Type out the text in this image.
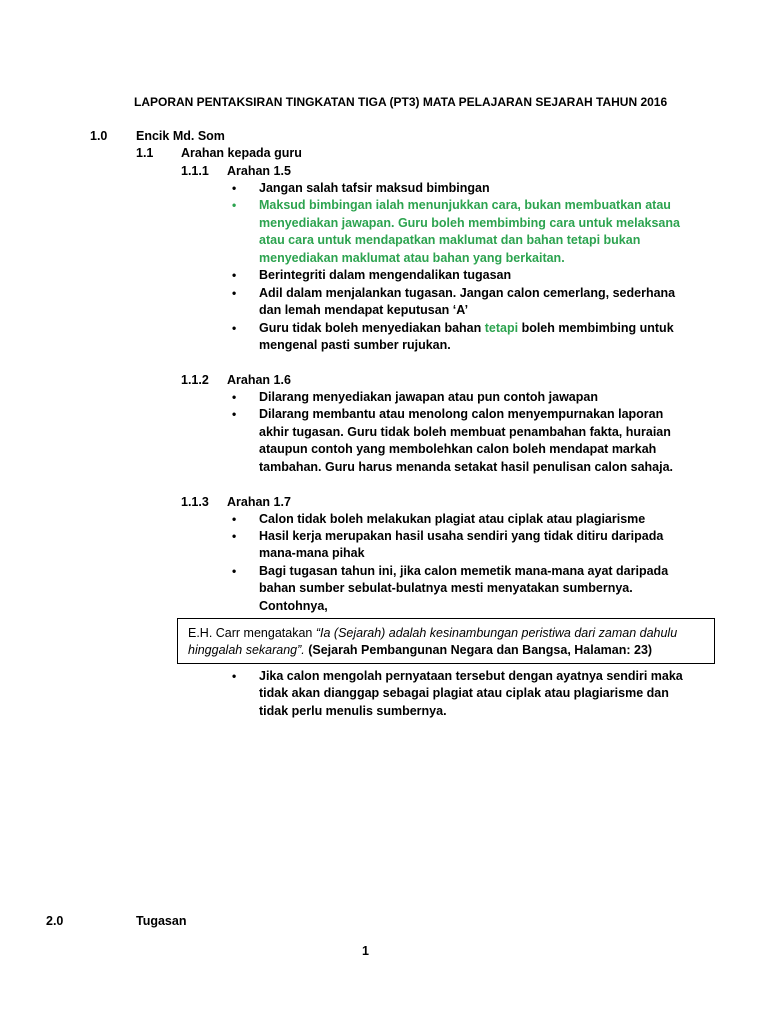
LAPORAN PENTAKSIRAN TINGKATAN TIGA (PT3) MATA PELAJARAN SEJARAH TAHUN 2016
1.0 Encik Md. Som
1.1 Arahan kepada guru
1.1.1 Arahan 1.5
• Jangan salah tafsir maksud bimbingan
• Maksud bimbingan ialah menunjukkan cara, bukan membuatkan atau
menyediakan jawapan. Guru boleh membimbing cara untuk melaksana
atau cara untuk mendapatkan maklumat dan bahan tetapi bukan
menyediakan maklumat atau bahan yang berkaitan.
• Berintegriti dalam mengendalikan tugasan
• Adil dalam menjalankan tugasan. Jangan calon cemerlang, sederhana
dan lemah mendapat keputusan ‘A’
• Guru tidak boleh menyediakan bahan tetapi boleh membimbing untuk
mengenal pasti sumber rujukan.
1.1.2 Arahan 1.6
• Dilarang menyediakan jawapan atau pun contoh jawapan
• Dilarang membantu atau menolong calon menyempurnakan laporan
akhir tugasan. Guru tidak boleh membuat penambahan fakta, huraian
ataupun contoh yang membolehkan calon boleh mendapat markah
tambahan. Guru harus menanda setakat hasil penulisan calon sahaja.
1.1.3 Arahan 1.7
• Calon tidak boleh melakukan plagiat atau ciplak atau plagiarisme
• Hasil kerja merupakan hasil usaha sendiri yang tidak ditiru daripada
mana-mana pihak
• Bagi tugasan tahun ini, jika calon memetik mana-mana ayat daripada
bahan sumber sebulat-bulatnya mesti menyatakan sumbernya.
Contohnya,
E.H. Carr mengatakan “Ia (Sejarah) adalah kesinambungan peristiwa dari zaman dahulu
hinggalah sekarang”. (Sejarah Pembangunan Negara dan Bangsa, Halaman: 23)
• Jika calon mengolah pernyataan tersebut dengan ayatnya sendiri maka
tidak akan dianggap sebagai plagiat atau ciplak atau plagiarisme dan
tidak perlu menulis sumbernya.
2.0	Tugasan
1
